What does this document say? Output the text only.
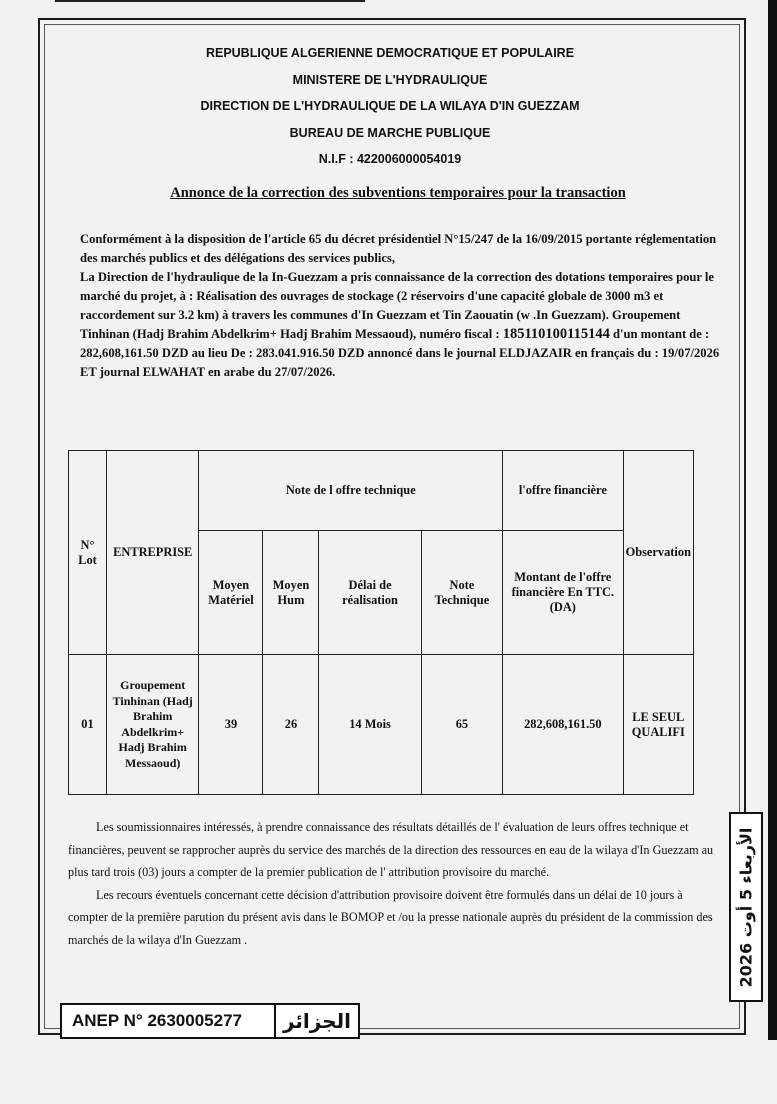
REPUBLIQUE ALGERIENNE DEMOCRATIQUE ET POPULAIRE
MINISTERE DE L'HYDRAULIQUE
DIRECTION DE L'HYDRAULIQUE DE LA WILAYA D'IN GUEZZAM
BUREAU DE MARCHE PUBLIQUE
N.I.F : 422006000054019
Annonce de la correction des subventions temporaires pour la transaction

Conformément à la disposition de l'article 65 du décret présidentiel N°15/247 de la 16/09/2015 portante réglementation des marchés publics et des délégations des services publics,

La Direction de l'hydraulique de la In-Guezzam a pris connaissance de la correction des dotations temporaires pour le marché du projet, à : Réalisation des ouvrages de stockage (2 réservoirs d'une capacité globale de 3000 m3 et raccordement sur 3.2 km) à travers les communes d'In Guezzam et Tin Zaouatin (w .In Guezzam). Groupement Tinhinan (Hadj Brahim Abdelkrim+ Hadj Brahim Messaoud), numéro fiscal : 185110100115144 d'un montant de : 282,608,161.50 DZD au lieu De : 283.041.916.50 DZD annoncé dans le journal ELDJAZAIR en français du : 19/07/2026 ET journal ELWAHAT en arabe du 27/07/2026.

N° Lot	ENTREPRISE	Note de l offre technique				l'offre financière	Observation
		Moyen Matériel	Moyen Hum	Délai de réalisation	Note Technique	Montant de l'offre financière En TTC.(DA)	
01	Groupement Tinhinan (Hadj Brahim Abdelkrim+ Hadj Brahim Messaoud)	39	26	14 Mois	65	282,608,161.50	LE SEUL QUALIFI

Les soumissionnaires intéressés, à prendre connaissance des résultats détaillés de l' évaluation de leurs offres technique et financières, peuvent se rapprocher auprès du service des marchés de la direction des ressources en eau de la wilaya d'In Guezzam au plus tard trois (03) jours a compter de la premier publication de l' attribution provisoire du marché.

Les recours éventuels concernant cette décision d'attribution provisoire doivent être formulés dans un délai de 10 jours à compter de la première parution du présent avis dans le BOMOP et /ou la presse nationale auprès du président de la commission des marchés de la wilaya d'In Guezzam .

ANEP N° 2630005277	الجزائر
الأربعاء 5 أوت 2026
